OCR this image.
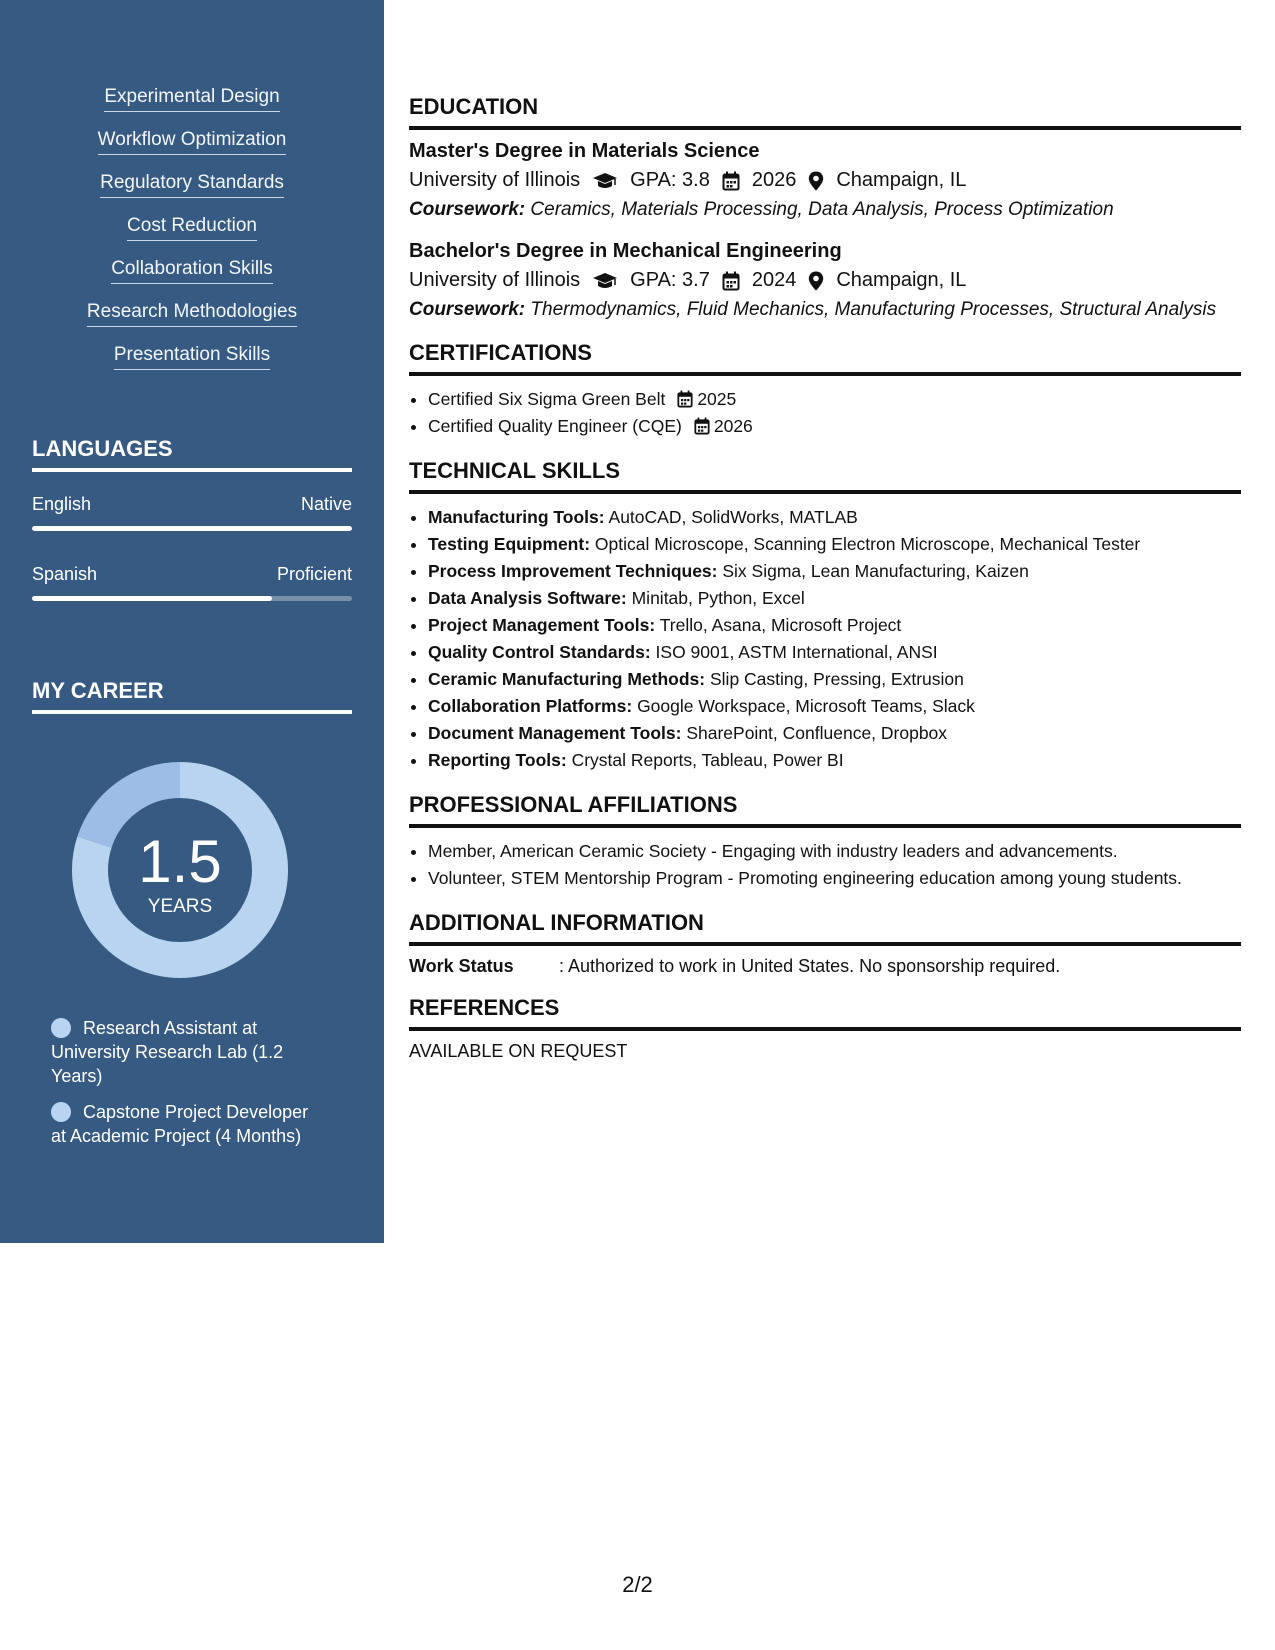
Experimental Design
Workflow Optimization
Regulatory Standards
Cost Reduction
Collaboration Skills
Research Methodologies
Presentation Skills
LANGUAGES
English	Native
Spanish	Proficient
MY CAREER
1.5
YEARS
Research Assistant at University Research Lab (1.2 Years)
Capstone Project Developer at Academic Project (4 Months)
EDUCATION
Master's Degree in Materials Science
University of Illinois	GPA: 3.8 2026 Champaign, IL
Coursework: Ceramics, Materials Processing, Data Analysis, Process Optimization
Bachelor's Degree in Mechanical Engineering
University of Illinois	GPA: 3.7 2024 Champaign, IL
Coursework: Thermodynamics, Fluid Mechanics, Manufacturing Processes, Structural Analysis
CERTIFICATIONS
• Certified Six Sigma Green Belt 2025
• Certified Quality Engineer (CQE) 2026
TECHNICAL SKILLS
• Manufacturing Tools: AutoCAD, SolidWorks, MATLAB
• Testing Equipment: Optical Microscope, Scanning Electron Microscope, Mechanical Tester
• Process Improvement Techniques: Six Sigma, Lean Manufacturing, Kaizen
• Data Analysis Software: Minitab, Python, Excel
• Project Management Tools: Trello, Asana, Microsoft Project
• Quality Control Standards: ISO 9001, ASTM International, ANSI
• Ceramic Manufacturing Methods: Slip Casting, Pressing, Extrusion
• Collaboration Platforms: Google Workspace, Microsoft Teams, Slack
• Document Management Tools: SharePoint, Confluence, Dropbox
• Reporting Tools: Crystal Reports, Tableau, Power BI
PROFESSIONAL AFFILIATIONS
• Member, American Ceramic Society - Engaging with industry leaders and advancements.
• Volunteer, STEM Mentorship Program - Promoting engineering education among young students.
ADDITIONAL INFORMATION
Work Status	: Authorized to work in United States. No sponsorship required.
REFERENCES
AVAILABLE ON REQUEST
2/2
